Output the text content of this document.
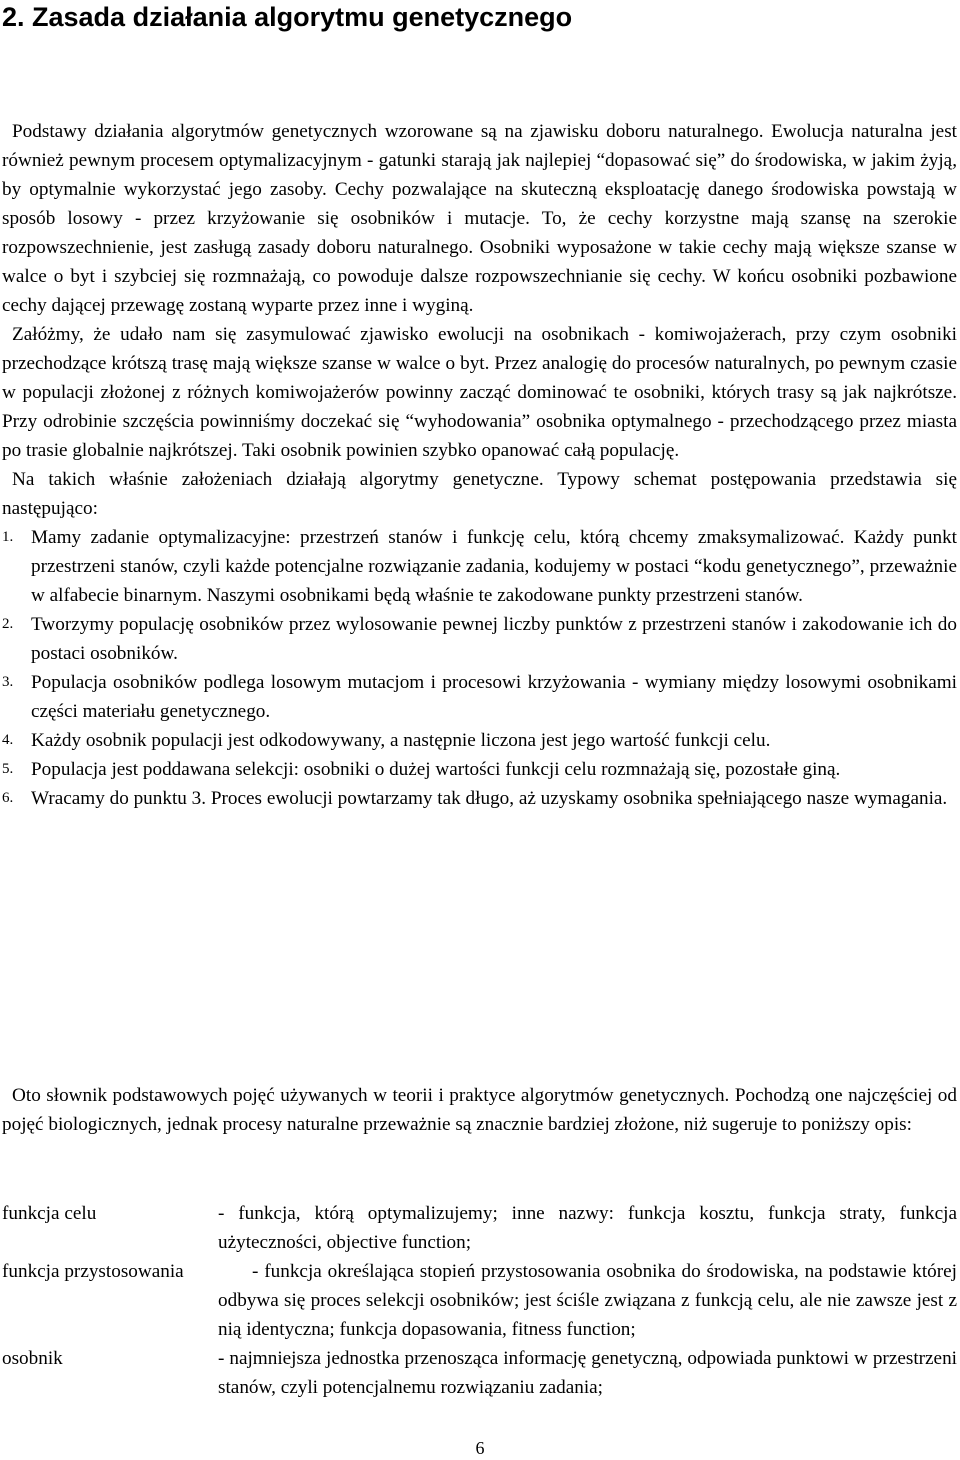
2. Zasada działania algorytmu genetycznego

Podstawy działania algorytmów genetycznych wzorowane są na zjawisku doboru naturalnego. Ewolucja naturalna jest również pewnym procesem optymalizacyjnym - gatunki starają jak najlepiej “dopasować się” do środowiska, w jakim żyją, by optymalnie wykorzystać jego zasoby. Cechy pozwalające na skuteczną eksploatację danego środowiska powstają w sposób losowy - przez krzyżowanie się osobników i mutacje. To, że cechy korzystne mają szansę na szerokie rozpowszechnienie, jest zasługą zasady doboru naturalnego. Osobniki wyposażone w takie cechy mają większe szanse w walce o byt i szybciej się rozmnażają, co powoduje dalsze rozpowszechnianie się cechy. W końcu osobniki pozbawione cechy dającej przewagę zostaną wyparte przez inne i wyginą.

Załóżmy, że udało nam się zasymulować zjawisko ewolucji na osobnikach - komiwojażerach, przy czym osobniki przechodzące krótszą trasę mają większe szanse w walce o byt. Przez analogię do procesów naturalnych, po pewnym czasie w populacji złożonej z różnych komiwojażerów powinny zacząć dominować te osobniki, których trasy są jak najkrótsze. Przy odrobinie szczęścia powinniśmy doczekać się “wyhodowania” osobnika optymalnego - przechodzącego przez miasta po trasie globalnie najkrótszej. Taki osobnik powinien szybko opanować całą populację.

Na takich właśnie założeniach działają algorytmy genetyczne. Typowy schemat postępowania przedstawia się następująco:

1. Mamy zadanie optymalizacyjne: przestrzeń stanów i funkcję celu, którą chcemy zmaksymalizować. Każdy punkt przestrzeni stanów, czyli każde potencjalne rozwiązanie zadania, kodujemy w postaci “kodu genetycznego”, przeważnie w alfabecie binarnym. Naszymi osobnikami będą właśnie te zakodowane punkty przestrzeni stanów.
2. Tworzymy populację osobników przez wylosowanie pewnej liczby punktów z przestrzeni stanów i zakodowanie ich do postaci osobników.
3. Populacja osobników podlega losowym mutacjom i procesowi krzyżowania - wymiany między losowymi osobnikami części materiału genetycznego.
4. Każdy osobnik populacji jest odkodowywany, a następnie liczona jest jego wartość funkcji celu.
5. Populacja jest poddawana selekcji: osobniki o dużej wartości funkcji celu rozmnażają się, pozostałe giną.
6. Wracamy do punktu 3. Proces ewolucji powtarzamy tak długo, aż uzyskamy osobnika spełniającego nasze wymagania.

Oto słownik podstawowych pojęć używanych w teorii i praktyce algorytmów genetycznych. Pochodzą one najczęściej od pojęć biologicznych, jednak procesy naturalne przeważnie są znacznie bardziej złożone, niż sugeruje to poniższy opis:

funkcja celu	- funkcja, którą optymalizujemy; inne nazwy: funkcja kosztu, funkcja straty, funkcja użyteczności, objective function;
funkcja przystosowania	- funkcja określająca stopień przystosowania osobnika do środowiska, na podstawie której odbywa się proces selekcji osobników; jest ściśle związana z funkcją celu, ale nie zawsze jest z nią identyczna; funkcja dopasowania, fitness function;
osobnik	- najmniejsza jednostka przenosząca informację genetyczną, odpowiada punktowi w przestrzeni stanów, czyli potencjalnemu rozwiązaniu zadania;
6
